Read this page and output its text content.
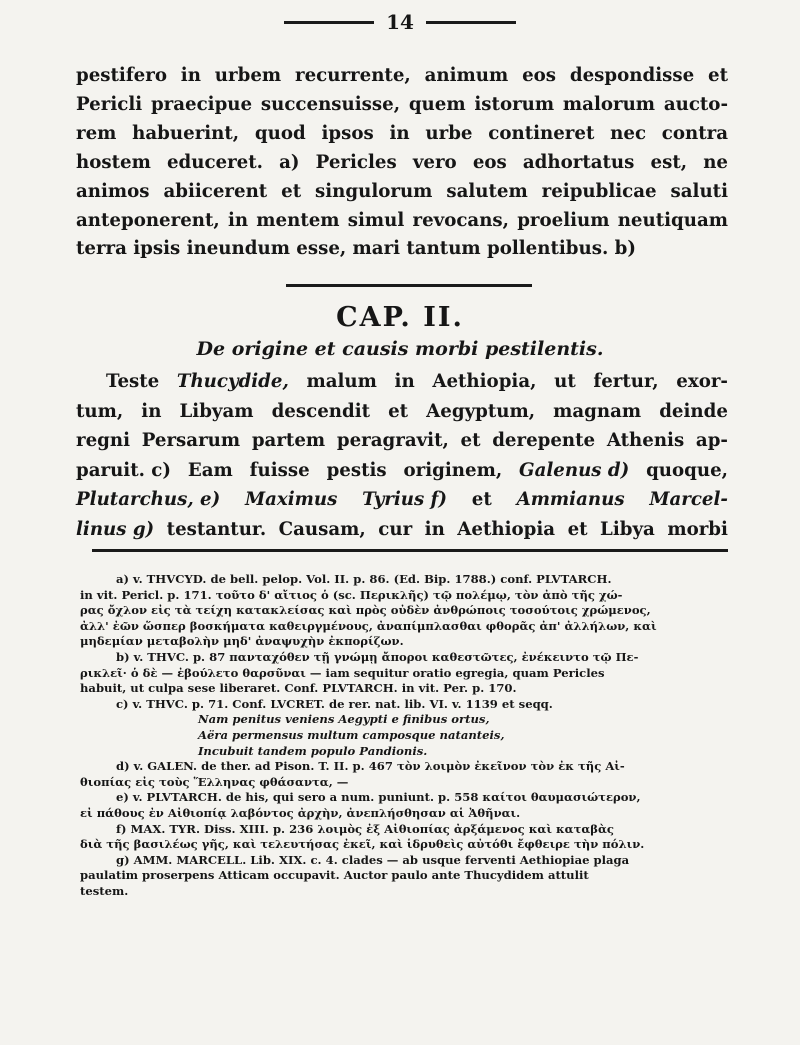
14
pestifero in urbem recurrente, animum eos despondisse et
Pericli praecipue succensuisse, quem istorum malorum aucto-
rem habuerint, quod ipsos in urbe contineret nec contra
hostem educeret. a) Pericles vero eos adhortatus est, ne
animos abiicerent et singulorum salutem reipublicae saluti
anteponerent, in mentem simul revocans, proelium neutiquam
terra ipsis ineundum esse, mari tantum pollentibus. b)
CAP. II.
De origine et causis morbi pestilentis.
Teste Thucydide, malum in Aethiopia, ut fertur, exor-
tum, in Libyam descendit et Aegyptum, magnam deinde
regni Persarum partem peragravit, et derepente Athenis ap-
paruit. c) Eam fuisse pestis originem, Galenus d) quoque,
Plutarchus, e) Maximus Tyrius f) et Ammianus Marcel-
linus g) testantur. Causam, cur in Aethiopia et Libya morbi
a) v. THVCYD. de bell. pelop. Vol. II. p. 86. (Ed. Bip. 1788.) conf. PLVTARCH.
in vit. Pericl. p. 171. τοῦτο δ' αἴτιος ὁ (sc. Περικλῆς) τῷ πολέμῳ, τὸν ἀπὸ τῆς χώ-
ρας ὄχλον εἰς τὰ τείχη κατακλείσας καὶ πρὸς οὐδὲν ἀνθρώποις τοσούτοις χρώμενος,
ἀλλ' ἐῶν ὥσπερ βοσκήματα καθειργμένους, ἀναπίμπλασθαι φθορᾶς ἀπ' ἀλλήλων, καὶ
μηδεμίαν μεταβολὴν μηδ' ἀναψυχὴν ἐκπορίζων.
b) v. THVC. p. 87 πανταχόθεν τῇ γνώμῃ ἄποροι καθεστῶτες, ἐνέκειντο τῷ Πε-
ρικλεῖ· ὁ δὲ — ἐβούλετο θαρσῦναι — iam sequitur oratio egregia, quam Pericles
habuit, ut culpa sese liberaret. Conf. PLVTARCH. in vit. Per. p. 170.
c) v. THVC. p. 71. Conf. LVCRET. de rer. nat. lib. VI. v. 1139 et seqq.
Nam penitus veniens Aegypti e finibus ortus,
Aëra permensus multum camposque natanteis,
Incubuit tandem populo Pandionis.
d) v. GALEN. de ther. ad Pison. T. II. p. 467 τὸν λοιμὸν ἐκεῖνον τὸν ἐκ τῆς Αἰ-
θιοπίας εἰς τοὺς Ἕλληνας φθάσαντα, —
e) v. PLVTARCH. de his, qui sero a num. puniunt. p. 558 καίτοι θαυμασιώτερον,
εἰ πάθους ἐν Αἰθιοπίᾳ λαβόντος ἀρχὴν, ἀνεπλήσθησαν αἱ Ἀθῆναι.
f) MAX. TYR. Diss. XIII. p. 236 λοιμὸς ἐξ Αἰθιοπίας ἀρξάμενος καὶ καταβὰς
διὰ τῆς βασιλέως γῆς, καὶ τελευτήσας ἐκεῖ, καὶ ἱδρυθεὶς αὐτόθι ἔφθειρε τὴν πόλιν.
g) AMM. MARCELL. Lib. XIX. c. 4. clades — ab usque ferventi Aethiopiae plaga
paulatim proserpens Atticam occupavit. Auctor paulo ante Thucydidem attulit
testem.
